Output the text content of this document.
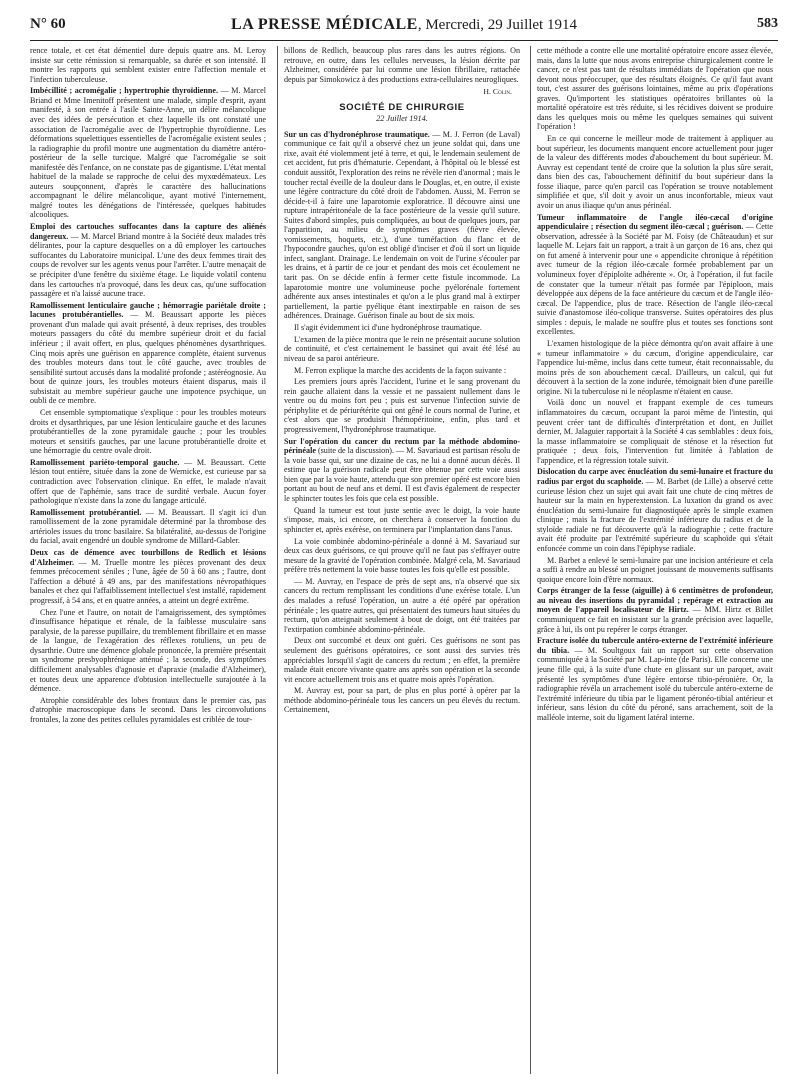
N° 60	LA PRESSE MÉDICALE, Mercredi, 29 Juillet 1914	583

rence totale, et cet état démentiel dure depuis quatre ans. M. Leroy insiste sur cette rémission si remarquable, sa durée et son intensité. Il montre les rapports qui semblent exister entre l'affection mentale et l'infection tuberculeuse.

Imbécillité ; acromégalie ; hypertrophie thyroïdienne. — M. Marcel Briand et Mme Imenitoff présentent une malade, simple d'esprit, ayant manifesté, à son entrée à l'asile Sainte-Anne, un délire mélancolique avec des idées de persécution et chez laquelle ils ont constaté une association de l'acromégalie avec de l'hypertrophie thyroïdienne. Les déformations squelettiques essentielles de l'acromégalie existent seules ; la radiographie du profil montre une augmentation du diamètre antéro-postérieur de la selle turcique. Malgré que l'acromégalie se soit manifestée dès l'enfance, on ne constate pas de gigantisme. L'état mental habituel de la malade se rapproche de celui des myxœdémateux. Les auteurs soupçonnent, d'après le caractère des hallucinations accompagnant le délire mélancolique, ayant motivé l'internement, malgré toutes les dénégations de l'intéressée, quelques habitudes alcooliques.

Emploi des cartouches suffocantes dans la capture des aliénés dangereux. — M. Marcel Briand montre à la Société deux malades très délirantes, pour la capture desquelles on a dû employer les cartouches suffocantes du Laboratoire municipal. L'une des deux femmes tirait des coups de revolver sur les agents venus pour l'arrêter. L'autre menaçait de se précipiter d'une fenêtre du sixième étage. Le liquide volatil contenu dans les cartouches n'a provoqué, dans les deux cas, qu'une suffocation passagère et n'a laissé aucune trace.

Ramollissement lenticulaire gauche ; hémorragie pariétale droite ; lacunes protubérantielles. — M. Beaussart apporte les pièces provenant d'un malade qui avait présenté, à deux reprises, des troubles moteurs passagers du côté du membre supérieur droit et du facial inférieur ; il avait offert, en plus, quelques phénomènes dysarthriques. Cinq mois après une guérison en apparence complète, étaient survenus des troubles moteurs dans tout le côté gauche, avec troubles de sensibilité surtout accusés dans la modalité profonde ; astéréognosie. Au bout de quinze jours, les troubles moteurs étaient disparus, mais il subsistait au membre supérieur gauche une impotence psychique, un oubli de ce membre.

Cet ensemble symptomatique s'explique : pour les troubles moteurs droits et dysarthriques, par une lésion lenticulaire gauche et des lacunes protubérantielles de la zone pyramidale gauche ; pour les troubles moteurs et sensitifs gauches, par une lacune protubérantielle droite et une hémorragie du centre ovale droit.

Ramollissement pariéto-temporal gauche. — M. Beaussart. Cette lésion tout entière, située dans la zone de Wernicke, est curieuse par sa contradiction avec l'observation clinique. En effet, le malade n'avait offert que de l'aphémie, sans trace de surdité verbale. Aucun foyer pathologique n'existe dans la zone du langage articulé.

Ramollissement protubérantiel. — M. Beaussart. Il s'agit ici d'un ramollissement de la zone pyramidale déterminé par la thrombose des artérioles issues du tronc basilaire. Sa bilatéralité, au-dessus de l'origine du facial, avait engendré un double syndrome de Millard-Gabler.

Deux cas de démence avec tourbillons de Redlich et lésions d'Alzheimer. — M. Truelle montre les pièces provenant des deux femmes précocement séniles ; l'une, âgée de 50 à 60 ans ; l'autre, dont l'affection a débuté à 49 ans, par des manifestations névropathiques banales et chez qui l'affaiblissement intellectuel s'est installé, rapidement progressif, à 54 ans, et en quatre années, a atteint un degré extrême.

Chez l'une et l'autre, on notait de l'amaigrissement, des symptômes d'insuffisance hépatique et rénale, de la faiblesse musculaire sans paralysie, de la paresse pupillaire, du tremblement fibrillaire et en masse de la langue, de l'exagération des réflexes rotuliens, un peu de dysarthrie. Outre une démence globale prononcée, la première présentait un syndrome presbyophrénique atténué ; la seconde, des symptômes difficilement analysables d'agnosie et d'apraxie (maladie d'Alzheimer), et toutes deux une apparence d'obtusion intellectuelle surajoutée à la démence.

Atrophie considérable des lobes frontaux dans le premier cas, pas d'atrophie macroscopique dans le second. Dans les circonvolutions frontales, la zone des petites cellules pyramidales est criblée de tour-

billons de Redlich, beaucoup plus rares dans les autres régions. On retrouve, en outre, dans les cellules nerveuses, la lésion décrite par Alzheimer, considérée par lui comme une lésion fibrillaire, rattachée depuis par Simokowicz à des productions extra-cellulaires neurogliques.

H. Colin.
SOCIÉTÉ DE CHIRURGIE
22 Juillet 1914.

Sur un cas d'hydronéphrose traumatique. — M. J. Ferron (de Laval) communique ce fait qu'il a observé chez un jeune soldat qui, dans une rixe, avait été violemment jeté à terre, et qui, le lendemain seulement de cet accident, fut pris d'hématurie. Cependant, à l'hôpital où le blessé est conduit aussitôt, l'exploration des reins ne révèle rien d'anormal ; mais le toucher rectal éveille de la douleur dans le Douglas, et, en outre, il existe une légère contracture du côté droit de l'abdomen. Aussi, M. Ferron se décide-t-il à faire une laparotomie exploratrice. Il découvre ainsi une rupture intrapéritonéale de la face postérieure de la vessie qu'il suture. Suites d'abord simples, puis compliquées, au bout de quelques jours, par l'apparition, au milieu de symptômes graves (fièvre élevée, vomissements, hoquets, etc.), d'une tuméfaction du flanc et de l'hypocondre gauches, qu'on est obligé d'inciser et d'où il sort un liquide infect, sanglant. Drainage. Le lendemain on voit de l'urine s'écouler par les drains, et à partir de ce jour et pendant des mois cet écoulement ne tarit pas. On se décide enfin à fermer cette fistule incommode. La laparotomie montre une volumineuse poche pyélorénale fortement adhérente aux anses intestinales et qu'on a le plus grand mal à extirper partiellement, la partie pyélique étant inextirpable en raison de ses adhérences. Drainage. Guérison finale au bout de six mois.

Il s'agit évidemment ici d'une hydronéphrose traumatique.

L'examen de la pièce montra que le rein ne présentait aucune solution de continuité, et c'est certainement le bassinet qui avait été lésé au niveau de sa paroi antérieure.

M. Ferron explique la marche des accidents de la façon suivante :

Les premiers jours après l'accident, l'urine et le sang provenant du rein gauche allaient dans la vessie et ne passaient nullement dans le ventre ou du moins fort peu ; puis est survenue l'infection suivie de périphylite et de périurétérite qui ont gêné le cours normal de l'urine, et c'est alors que se produisit l'hémopéritoine, enfin, plus tard et progressivement, l'hydronéphrose traumatique.

Sur l'opération du cancer du rectum par la méthode abdomino-périnéale (suite de la discussion). — M. Savariaud est partisan résolu de la voie basse qui, sur une dizaine de cas, ne lui a donné aucun décès. Il estime que la guérison radicale peut être obtenue par cette voie aussi bien que par la voie haute, attendu que son premier opéré est encore bien portant au bout de neuf ans et demi. Il est d'avis également de respecter le sphincter toutes les fois que cela est possible.

Quand la tumeur est tout juste sentie avec le doigt, la voie haute s'impose, mais, ici encore, on cherchera à conserver la fonction du sphincter et, après exérèse, on terminera par l'implantation dans l'anus.

La voie combinée abdomino-périnéale a donné à M. Savariaud sur deux cas deux guérisons, ce qui prouve qu'il ne faut pas s'effrayer outre mesure de la gravité de l'opération combinée. Malgré cela, M. Savariaud préfère très nettement la voie basse toutes les fois qu'elle est possible.

— M. Auvray, en l'espace de près de sept ans, n'a observé que six cancers du rectum remplissant les conditions d'une exérèse totale. L'un des malades a refusé l'opération, un autre a été opéré par opération périnéale ; les quatre autres, qui présentaient des tumeurs haut situées du rectum, qu'on atteignait seulement à bout de doigt, ont été traitées par l'extirpation combinée abdomino-périnéale.

Deux ont succombé et deux ont guéri. Ces guérisons ne sont pas seulement des guérisons opératoires, ce sont aussi des survies très appréciables lorsqu'il s'agit de cancers du rectum ; en effet, la première malade était encore vivante quatre ans après son opération et la seconde vit encore actuellement trois ans et quatre mois après l'opération.

M. Auvray est, pour sa part, de plus en plus porté à opérer par la méthode abdomino-périnéale tous les cancers un peu élevés du rectum. Certainement,

cette méthode a contre elle une mortalité opératoire encore assez élevée, mais, dans la lutte que nous avons entreprise chirurgicalement contre le cancer, ce n'est pas tant de résultats immédiats de l'opération que nous devont nous préoccuper, que des résultats éloignés. Ce qu'il faut avant tout, c'est assurer des guérisons lointaines, même au prix d'opérations graves. Qu'importent les statistiques opératoires brillantes où la mortalité opératoire est très réduite, si les récidives doivent se produire dans les quelques mois ou même les quelques semaines qui suivent l'opération !

En ce qui concerne le meilleur mode de traitement à appliquer au bout supérieur, les documents manquent encore actuellement pour juger de la valeur des différents modes d'abouchement du bout supérieur. M. Auvray est cependant tenté de croire que la solution la plus sûre serait, dans bien des cas, l'abouchement définitif du bout supérieur dans la fosse iliaque, parce qu'en parcil cas l'opération se trouve notablement simplifiée et que, s'il doit y avoir un anus inconfortable, mieux vaut avoir un anus iliaque qu'un anus périnéal.

Tumeur inflammatoire de l'angle iléo-cæcal d'origine appendiculaire ; résection du segment iléo-cæcal ; guérison. — Cette observation, adressée à la Société par M. Foisy (de Châteaudun) et sur laquelle M. Lejars fait un rapport, a trait à un garçon de 16 ans, chez qui on fut amené à intervenir pour une « appendicite chronique à répétition avec tumeur de la région iléo-cæcale formée probablement par un volumineux foyer d'épiploïte adhérente ». Or, à l'opération, il fut facile de constater que la tumeur n'était pas formée par l'épiploon, mais développée aux dépens de la face antérieure du cæcum et de l'angle iléo-cæcal. De l'appendice, plus de trace. Résection de l'angle iléo-cæcal suivie d'anastomose iléo-colique transverse. Suites opératoires des plus simples : depuis, le malade ne souffre plus et toutes ses fonctions sont excellentes.

L'examen histologique de la pièce démontra qu'on avait affaire à une « tumeur inflammatoire » du cæcum, d'origine appendiculaire, car l'appendice lui-même, inclus dans cette tumeur, était reconnaissable, du moins près de son abouchement cæcal. D'ailleurs, un calcul, qui fut découvert à la section de la zone indurée, témoignait bien d'une pareille origine. Ni la tuberculose ni le néoplasme n'étaient en cause.

Voilà donc un nouvel et frappant exemple de ces tumeurs inflammatoires du cæcum, occupant la paroi même de l'intestin, qui peuvent créer tant de difficultés d'interprétation et dont, en Juillet dernier, M. Jalaguier rapportait à la Société 4 cas semblables : deux fois, la masse inflammatoire se compliquait de sténose et la résection fut pratiquée ; deux fois, l'intervention fut limitée à l'ablation de l'appendice, et la régression totale suivit.

Dislocation du carpe avec énucléation du semi-lunaire et fracture du radius par ergot du scaphoïde. — M. Barbet (de Lille) a observé cette curieuse lésion chez un sujet qui avait fait une chute de cinq mètres de hauteur sur la main en hyperextension. La luxation du grand os avec énucléation du semi-lunaire fut diagnostiquée après le simple examen clinique ; mais la fracture de l'extrémité inférieure du radius et de la styloïde radiale ne fut découverte qu'à la radiographie ; cette fracture avait été produite par l'extrémité supérieure du scaphoïde qui s'était enfoncée comme un coin dans l'épiphyse radiale.

M. Barbet a enlevé le semi-lunaire par une incision antérieure et cela a suffi à rendre au blessé un poignet jouissant de mouvements suffisants quoique encore loin d'être normaux.

Corps étranger de la fesse (aiguille) à 6 centimètres de profondeur, au niveau des insertions du pyramidal ; repérage et extraction au moyen de l'appareil localisateur de Hirtz. — MM. Hirtz et Billet communiquent ce fait en insistant sur la grande précision avec laquelle, grâce à lui, ils ont pu repérer le corps étranger.

Fracture isolée du tubercule antéro-externe de l'extrémité inférieure du tibia. — M. Soultgoux fait un rapport sur cette observation communiquée à la Société par M. Lap-inte (de Paris). Elle concerne une jeune fille qui, à la suite d'une chute en glissant sur un parquet, avait présenté les symptômes d'une légère entorse tibio-péronière. Or, la radiographie révéla un arrachement isolé du tubercule antéro-externe de l'extrémité inférieure du tibia par le ligament péronéo-tibial antérieur et inférieur, sans lésion du côté du péroné, sans arrachement, soit de la malléole interne, soit du ligament latéral interne.
